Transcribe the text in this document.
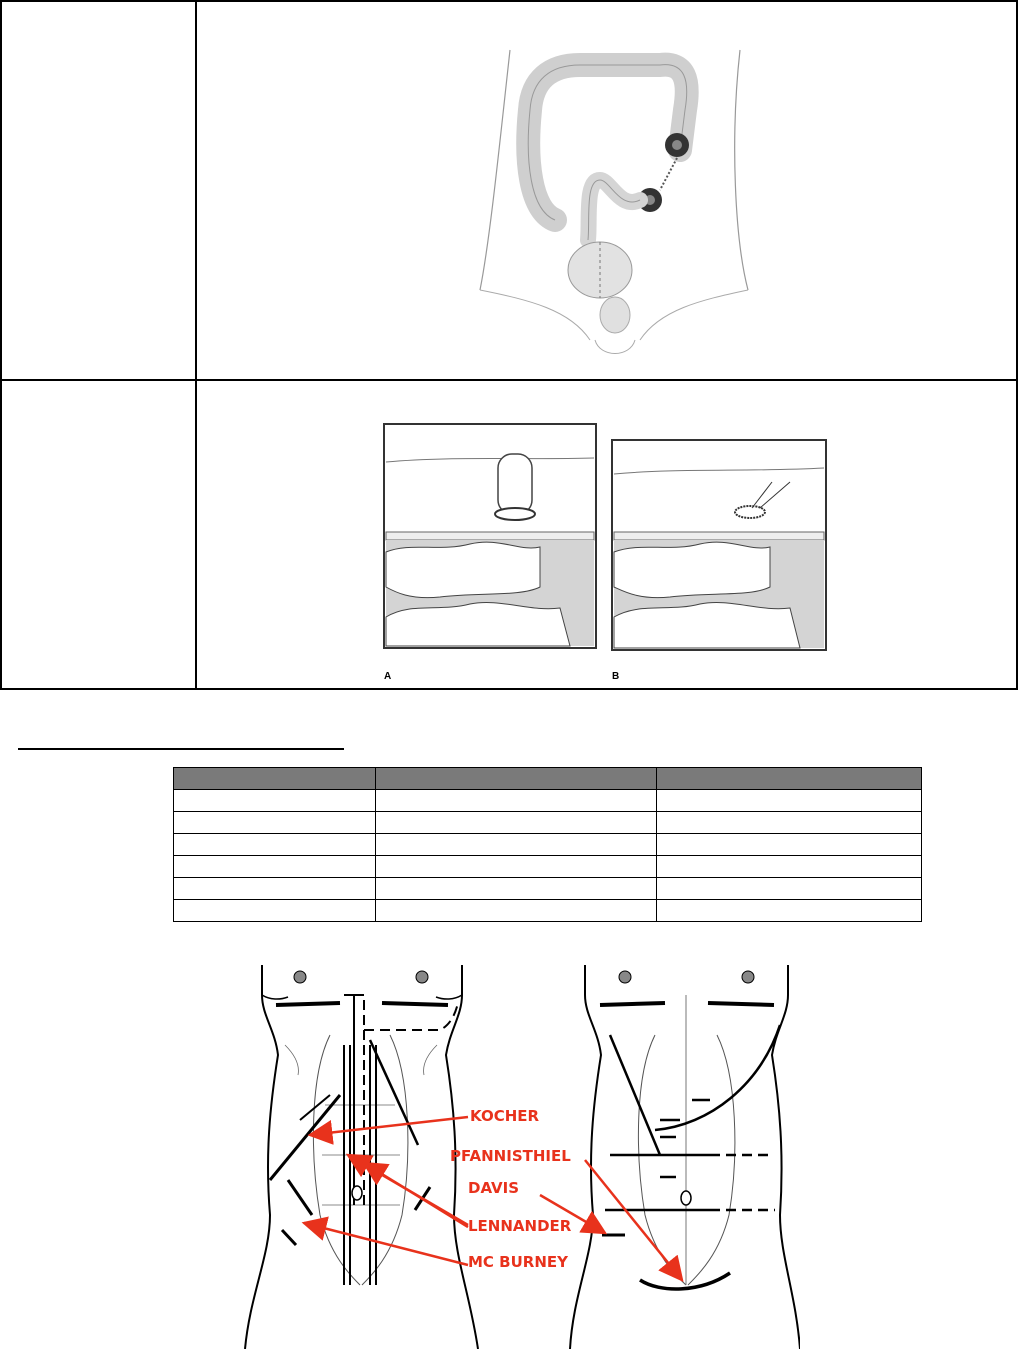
A	B

KOCHER
PFANNISTHIEL
DAVIS
LENNANDER
MC BURNEY
